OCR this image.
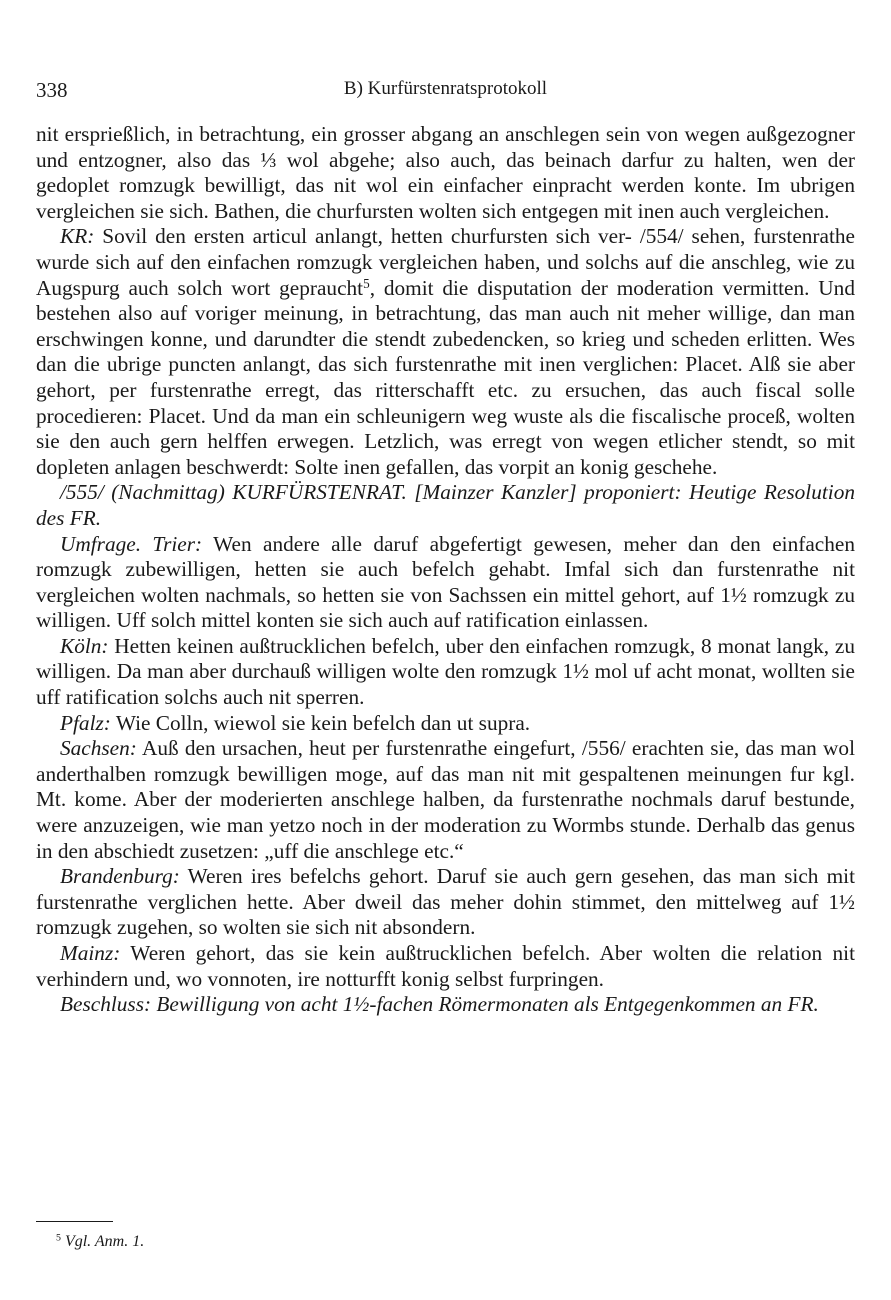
338	B) Kurfürstenratsprotokoll

nit ersprießlich, in betrachtung, ein grosser abgang an anschlegen sein von wegen außgezogner und entzogner, also das ⅓ wol abgehe; also auch, das beinach darfur zu halten, wen der gedoplet romzugk bewilligt, das nit wol ein einfacher einpracht werden konte. Im ubrigen vergleichen sie sich. Bathen, die churfursten wolten sich entgegen mit inen auch vergleichen.

KR: Sovil den ersten articul anlangt, hetten churfursten sich ver- /554/ sehen, furstenrathe wurde sich auf den einfachen romzugk vergleichen haben, und solchs auf die anschleg, wie zu Augspurg auch solch wort gepraucht$^5$, domit die disputation der moderation vermitten. Und bestehen also auf voriger meinung, in betrachtung, das man auch nit meher willige, dan man erschwingen konne, und darundter die stendt zubedencken, so krieg und scheden erlitten. Wes dan die ubrige puncten anlangt, das sich furstenrathe mit inen verglichen: Placet. Alß sie aber gehort, per furstenrathe erregt, das ritterschafft etc. zu ersuchen, das auch fiscal solle procedieren: Placet. Und da man ein schleunigern weg wuste als die fiscalische proceß, wolten sie den auch gern helffen erwegen. Letzlich, was erregt von wegen etlicher stendt, so mit dopleten anlagen beschwerdt: Solte inen gefallen, das vorpit an konig geschehe.

/555/ (Nachmittag) KURFÜRSTENRAT. [Mainzer Kanzler] proponiert: Heutige Resolution des FR.

Umfrage. Trier: Wen andere alle daruf abgefertigt gewesen, meher dan den einfachen romzugk zubewilligen, hetten sie auch befelch gehabt. Imfal sich dan furstenrathe nit vergleichen wolten nachmals, so hetten sie von Sachssen ein mittel gehort, auf 1½ romzugk zu willigen. Uff solch mittel konten sie sich auch auf ratification einlassen.

Köln: Hetten keinen außtrucklichen befelch, uber den einfachen romzugk, 8 monat langk, zu willigen. Da man aber durchauß willigen wolte den romzugk 1½ mol uf acht monat, wollten sie uff ratification solchs auch nit sperren.

Pfalz: Wie Colln, wiewol sie kein befelch dan ut supra.

Sachsen: Auß den ursachen, heut per furstenrathe eingefurt, /556/ erachten sie, das man wol anderthalben romzugk bewilligen moge, auf das man nit mit gespaltenen meinungen fur kgl. Mt. kome. Aber der moderierten anschlege halben, da furstenrathe nochmals daruf bestunde, were anzuzeigen, wie man yetzo noch in der moderation zu Wormbs stunde. Derhalb das genus in den abschiedt zusetzen: „uff die anschlege etc.“

Brandenburg: Weren ires befelchs gehort. Daruf sie auch gern gesehen, das man sich mit furstenrathe verglichen hette. Aber dweil das meher dohin stimmet, den mittelweg auf 1½ romzugk zugehen, so wolten sie sich nit absondern.

Mainz: Weren gehort, das sie kein außtrucklichen befelch. Aber wolten die relation nit verhindern und, wo vonnoten, ire notturfft konig selbst furpringen.

Beschluss: Bewilligung von acht 1½-fachen Römermonaten als Entgegenkommen an FR.

$^5$ Vgl. Anm. 1.
